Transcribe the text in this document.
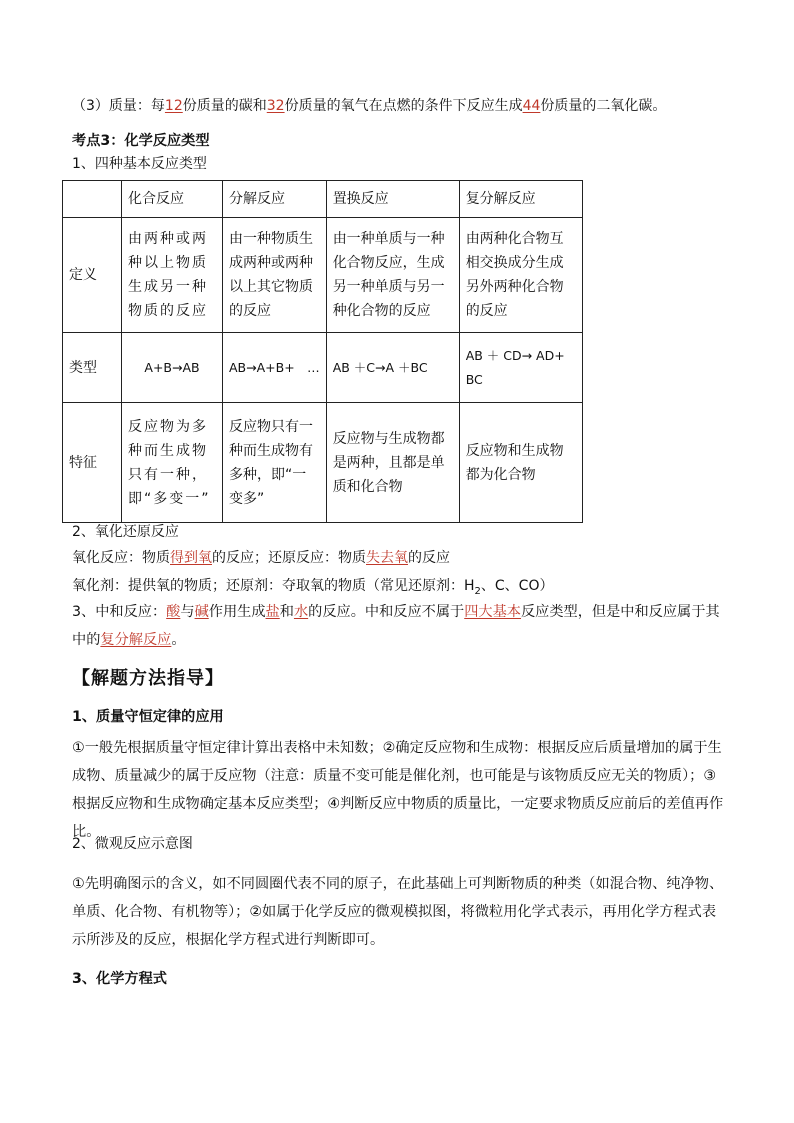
（3）质量：每12份质量的碳和32份质量的氧气在点燃的条件下反应生成44份质量的二氧化碳。
考点3：化学反应类型
1、四种基本反应类型
	化合反应	分解反应	置换反应	复分解反应
定义	由两种或两种以上物质生成另一种物质的反应	由一种物质生成两种或两种以上其它物质的反应	由一种单质与一种化合物反应，生成另一种单质与另一种化合物的反应	由两种化合物互相交换成分生成另外两种化合物的反应
类型	A+B→AB	AB→A+B+　…	AB ＋C→A ＋BC	AB ＋ CD→ AD+ BC
特征	反应物为多种而生成物只有一种，即“多变一”	反应物只有一种而生成物有多种，即“一变多”	反应物与生成物都是两种，且都是单质和化合物	反应物和生成物都为化合物
2、氧化还原反应
氧化反应：物质得到氧的反应；还原反应：物质失去氧的反应
氧化剂：提供氧的物质；还原剂：夺取氧的物质（常见还原剂：$H_2$、C、CO）
3、中和反应：酸与碱作用生成盐和水的反应。中和反应不属于四大基本反应类型，但是中和反应属于其中的复分解反应。
【解题方法指导】
1、质量守恒定律的应用
①一般先根据质量守恒定律计算出表格中未知数；②确定反应物和生成物：根据反应后质量增加的属于生成物、质量减少的属于反应物（注意：质量不变可能是催化剂，也可能是与该物质反应无关的物质）；③根据反应物和生成物确定基本反应类型；④判断反应中物质的质量比，一定要求物质反应前后的差值再作比。
2、微观反应示意图
①先明确图示的含义，如不同圆圈代表不同的原子，在此基础上可判断物质的种类（如混合物、纯净物、单质、化合物、有机物等）；②如属于化学反应的微观模拟图，将微粒用化学式表示，再用化学方程式表示所涉及的反应，根据化学方程式进行判断即可。
3、化学方程式
